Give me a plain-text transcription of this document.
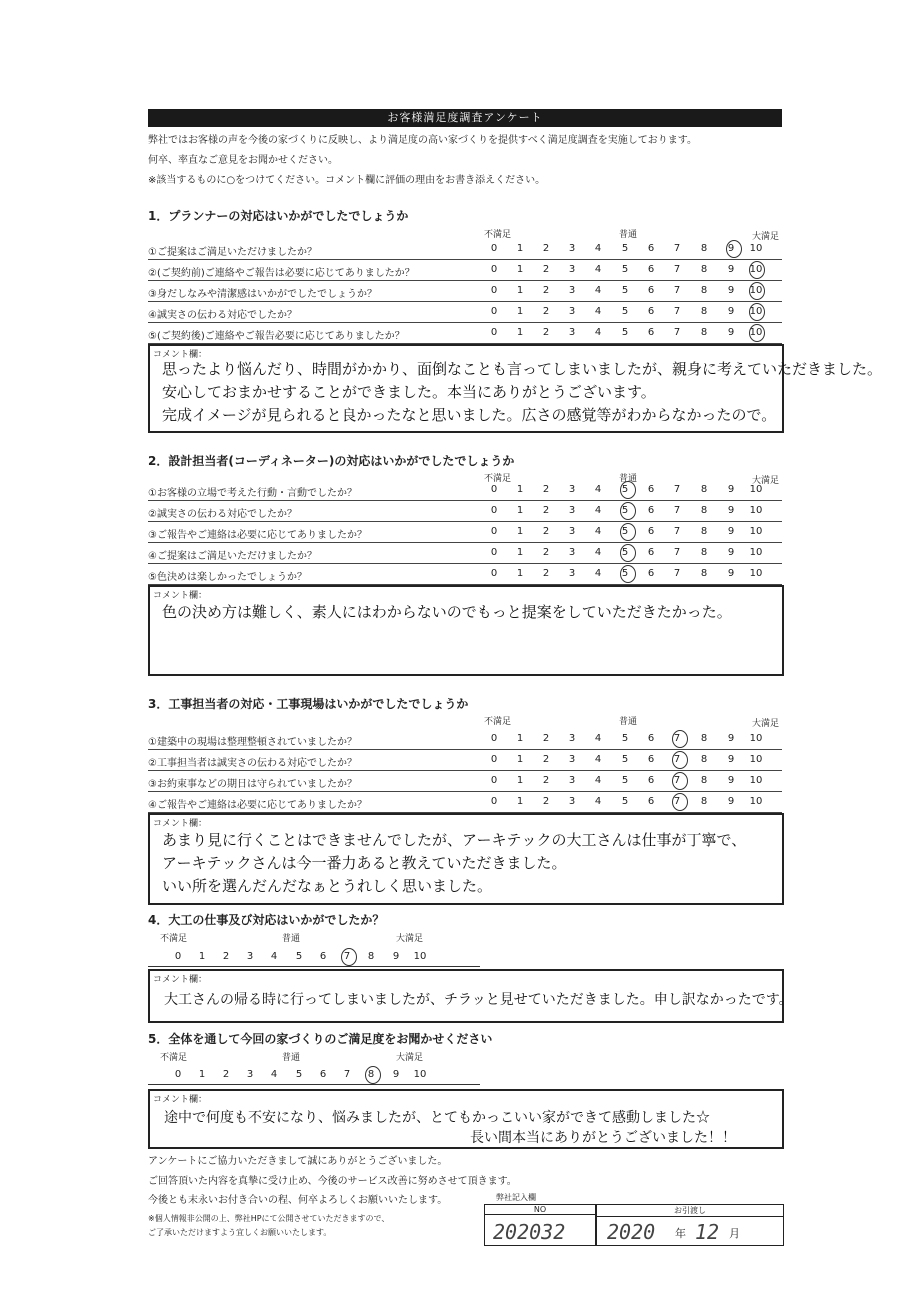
お客様満足度調査アンケート
弊社ではお客様の声を今後の家づくりに反映し、より満足度の高い家づくりを提供すべく満足度調査を実施しております。
何卒、率直なご意見をお聞かせください。
※該当するものに○をつけてください。コメント欄に評価の理由をお書き添えください。
1．プランナーの対応はいかがでしたでしょうか
不満足	普通	大満足
①ご提案はご満足いただけましたか？	0	1	2	3	4	5	6	7	8	9	10
②(ご契約前)ご連絡やご報告は必要に応じてありましたか？	0	1	2	3	4	5	6	7	8	9	10
③身だしなみや清潔感はいかがでしたでしょうか？	0	1	2	3	4	5	6	7	8	9	10
④誠実さの伝わる対応でしたか？	0	1	2	3	4	5	6	7	8	9	10
⑤(ご契約後)ご連絡やご報告必要に応じてありましたか？	0	1	2	3	4	5	6	7	8	9	10
コメント欄：
思ったより悩んだり、時間がかかり、面倒なことも言ってしまいましたが、親身に考えていただきました。
安心しておまかせすることができました。本当にありがとうございます。
完成イメージが見られると良かったなと思いました。広さの感覚等がわからなかったので。
2．設計担当者(コーディネーター)の対応はいかがでしたでしょうか
不満足	普通	大満足
①お客様の立場で考えた行動・言動でしたか？	0	1	2	3	4	5	6	7	8	9	10
②誠実さの伝わる対応でしたか？	0	1	2	3	4	5	6	7	8	9	10
③ご報告やご連絡は必要に応じてありましたか？	0	1	2	3	4	5	6	7	8	9	10
④ご提案はご満足いただけましたか？	0	1	2	3	4	5	6	7	8	9	10
⑤色決めは楽しかったでしょうか？	0	1	2	3	4	5	6	7	8	9	10
コメント欄：
色の決め方は難しく、素人にはわからないのでもっと提案をしていただきたかった。
3．工事担当者の対応・工事現場はいかがでしたでしょうか
不満足	普通	大満足
①建築中の現場は整理整頓されていましたか？	0	1	2	3	4	5	6	7	8	9	10
②工事担当者は誠実さの伝わる対応でしたか？	0	1	2	3	4	5	6	7	8	9	10
③お約束事などの期日は守られていましたか？	0	1	2	3	4	5	6	7	8	9	10
④ご報告やご連絡は必要に応じてありましたか？	0	1	2	3	4	5	6	7	8	9	10
コメント欄：
あまり見に行くことはできませんでしたが、アーキテックの大工さんは仕事が丁寧で、
アーキテックさんは今一番力あると教えていただきました。
いい所を選んだんだなぁとうれしく思いました。
4．大工の仕事及び対応はいかがでしたか？
不満足	普通	大満足
0	1	2	3	4	5	6	7	8	9	10
コメント欄：
大工さんの帰る時に行ってしまいましたが、チラッと見せていただきました。申し訳なかったです。
5．全体を通して今回の家づくりのご満足度をお聞かせください
不満足	普通	大満足
0	1	2	3	4	5	6	7	8	9	10
コメント欄：
途中で何度も不安になり、悩みましたが、とてもかっこいい家ができて感動しました☆
長い間本当にありがとうございました！！
アンケートにご協力いただきまして誠にありがとうございました。
ご回答頂いた内容を真摯に受け止め、今後のサービス改善に努めさせて頂きます。
今後とも末永いお付き合いの程、何卒よろしくお願いいたします。
※個人情報非公開の上、弊社HPにて公開させていただきますので、
ご了承いただけますよう宜しくお願いいたします。
弊社記入欄
NO
202032
お引渡し
2020 年 12 月
